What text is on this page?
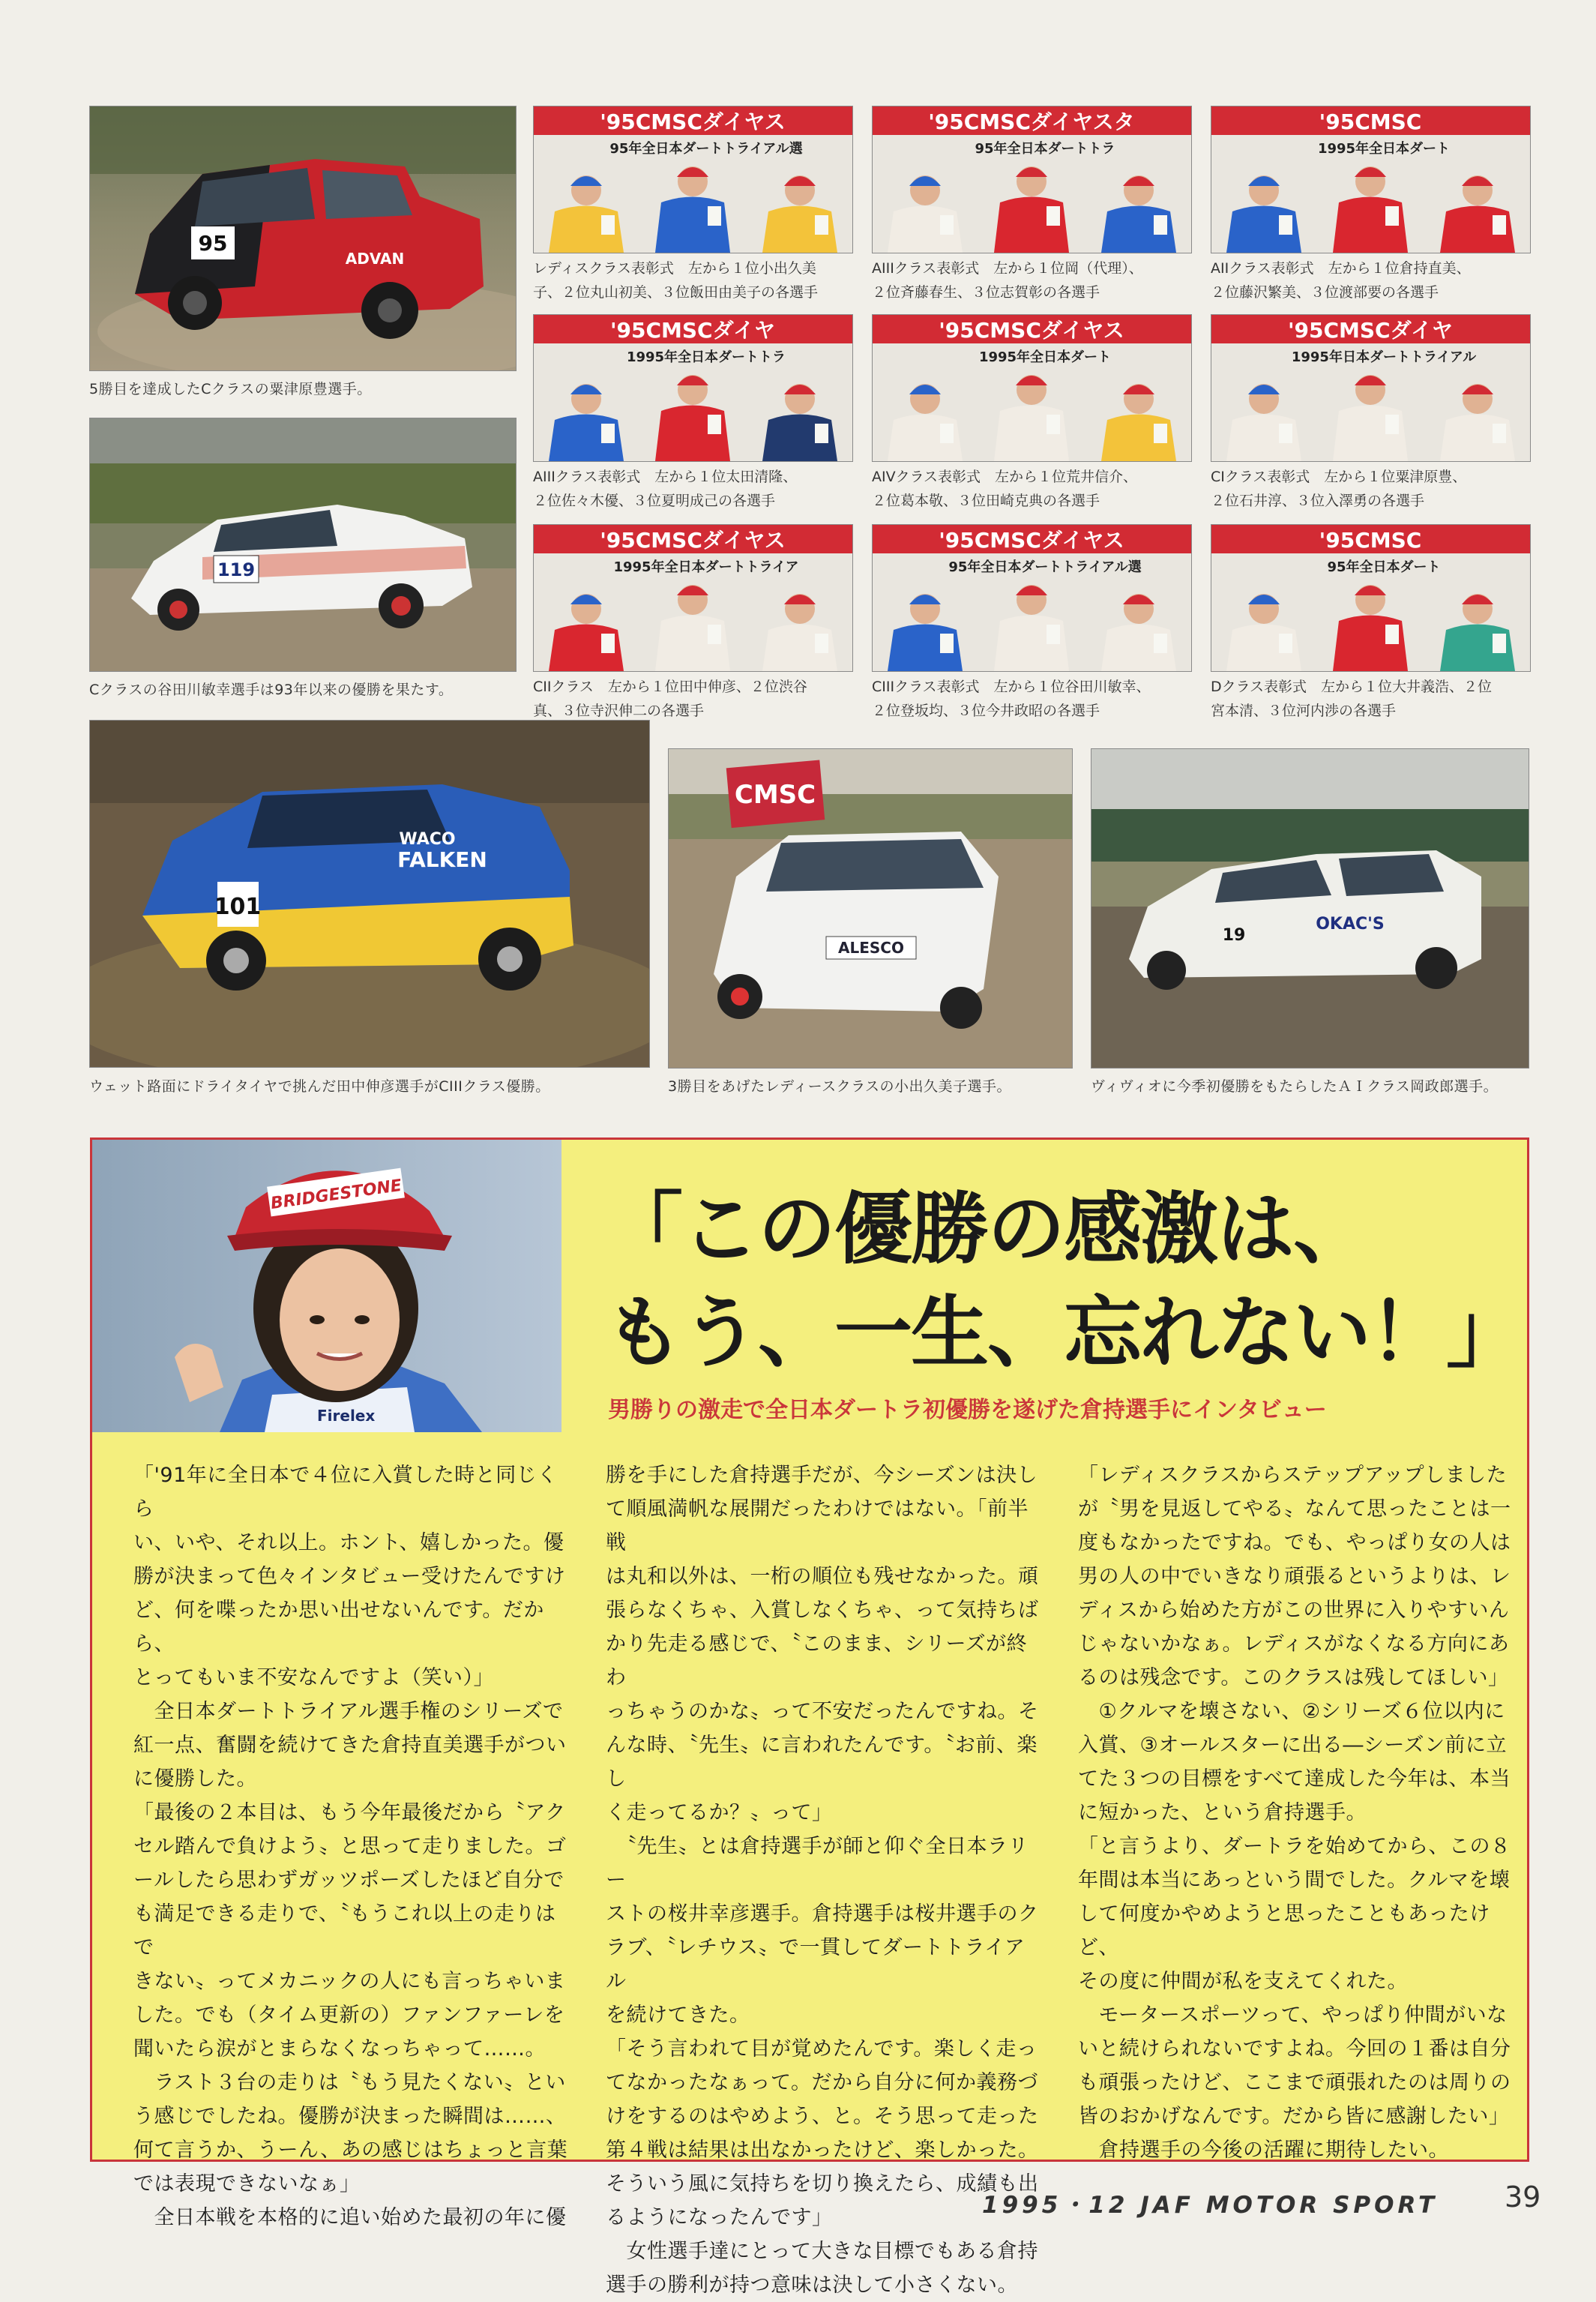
95
ADVAN
5勝目を達成したCクラスの粟津原豊選手。
119
Cクラスの谷田川敏幸選手は93年以来の優勝を果たす。
'95CMSCダイヤス
95年全日本ダートトライアル選
レディスクラス表彰式　左から１位小出久美
子、２位丸山初美、３位飯田由美子の各選手
'95CMSCダイヤスタ
95年全日本ダートトラ
AIIIクラス表彰式　左から１位岡（代理）、
２位斉藤春生、３位志賀彰の各選手
'95CMSC
1995年全日本ダート
AIIクラス表彰式　左から１位倉持直美、
２位藤沢繁美、３位渡部要の各選手
'95CMSCダイヤ
1995年全日本ダートトラ
AIIIクラス表彰式　左から１位太田清隆、
２位佐々木優、３位夏明成己の各選手
'95CMSCダイヤス
1995年全日本ダート
AIVクラス表彰式　左から１位荒井信介、
２位葛本敬、３位田崎克典の各選手
'95CMSCダイヤ
1995年日本ダートトライアル
CIクラス表彰式　左から１位粟津原豊、
２位石井淳、３位入澤勇の各選手
'95CMSCダイヤス
1995年全日本ダートトライア
CIIクラス　左から１位田中伸彦、２位渋谷
真、３位寺沢伸二の各選手
'95CMSCダイヤス
95年全日本ダートトライアル選
CIIIクラス表彰式　左から１位谷田川敏幸、
２位登坂均、３位今井政昭の各選手
'95CMSC
95年全日本ダート
Dクラス表彰式　左から１位大井義浩、２位
宮本清、３位河内渉の各選手
101
FALKEN
WACO
ウェット路面にドライタイヤで挑んだ田中伸彦選手がCIIIクラス優勝。
CMSC
ALESCO
3勝目をあげたレディースクラスの小出久美子選手。
OKAC'S
19
ヴィヴィオに今季初優勝をもたらしたＡＩクラス岡政郎選手。
BRIDGESTONE
Firelex
「この優勝の感激は、
もう、一生、忘れない！」
男勝りの激走で全日本ダートラ初優勝を遂げた倉持選手にインタビュー

「'91年に全日本で４位に入賞した時と同じくら

い、いや、それ以上。ホント、嬉しかった。優

勝が決まって色々インタビュー受けたんですけ

ど、何を喋ったか思い出せないんです。だから、

とってもいま不安なんですよ（笑い）」

　全日本ダートトライアル選手権のシリーズで

紅一点、奮闘を続けてきた倉持直美選手がつい

に優勝した。

「最後の２本目は、もう今年最後だから〝アク

セル踏んで負けよう〟と思って走りました。ゴ

ールしたら思わずガッツポーズしたほど自分で

も満足できる走りで、〝もうこれ以上の走りはで

きない〟ってメカニックの人にも言っちゃいま

した。でも（タイム更新の）ファンファーレを

聞いたら涙がとまらなくなっちゃって……。

　ラスト３台の走りは〝もう見たくない〟とい

う感じでしたね。優勝が決まった瞬間は……、

何て言うか、うーん、あの感じはちょっと言葉

では表現できないなぁ」

　全日本戦を本格的に追い始めた最初の年に優

勝を手にした倉持選手だが、今シーズンは決し

て順風満帆な展開だったわけではない。「前半戦

は丸和以外は、一桁の順位も残せなかった。頑

張らなくちゃ、入賞しなくちゃ、って気持ちば

かり先走る感じで、〝このまま、シリーズが終わ

っちゃうのかな〟って不安だったんですね。そ

んな時、〝先生〟に言われたんです。〝お前、楽し

く走ってるか？〟って」

　〝先生〟とは倉持選手が師と仰ぐ全日本ラリー

ストの桜井幸彦選手。倉持選手は桜井選手のク

ラブ、〝レチウス〟で一貫してダートトライアル

を続けてきた。

「そう言われて目が覚めたんです。楽しく走っ

てなかったなぁって。だから自分に何か義務づ

けをするのはやめよう、と。そう思って走った

第４戦は結果は出なかったけど、楽しかった。

そういう風に気持ちを切り換えたら、成績も出

るようになったんです」

　女性選手達にとって大きな目標でもある倉持

選手の勝利が持つ意味は決して小さくない。

「レディスクラスからステップアップしました

が〝男を見返してやる〟なんて思ったことは一

度もなかったですね。でも、やっぱり女の人は

男の人の中でいきなり頑張るというよりは、レ

ディスから始めた方がこの世界に入りやすいん

じゃないかなぁ。レディスがなくなる方向にあ

るのは残念です。このクラスは残してほしい」

　①クルマを壊さない、②シリーズ６位以内に

入賞、③オールスターに出る―シーズン前に立

てた３つの目標をすべて達成した今年は、本当

に短かった、という倉持選手。

「と言うより、ダートラを始めてから、この８

年間は本当にあっという間でした。クルマを壊

して何度かやめようと思ったこともあったけど、

その度に仲間が私を支えてくれた。

　モータースポーツって、やっぱり仲間がいな

いと続けられないですよね。今回の１番は自分

も頑張ったけど、ここまで頑張れたのは周りの

皆のおかげなんです。だから皆に感謝したい」

　倉持選手の今後の活躍に期待したい。

1995・12 JAF MOTOR SPORT 39
